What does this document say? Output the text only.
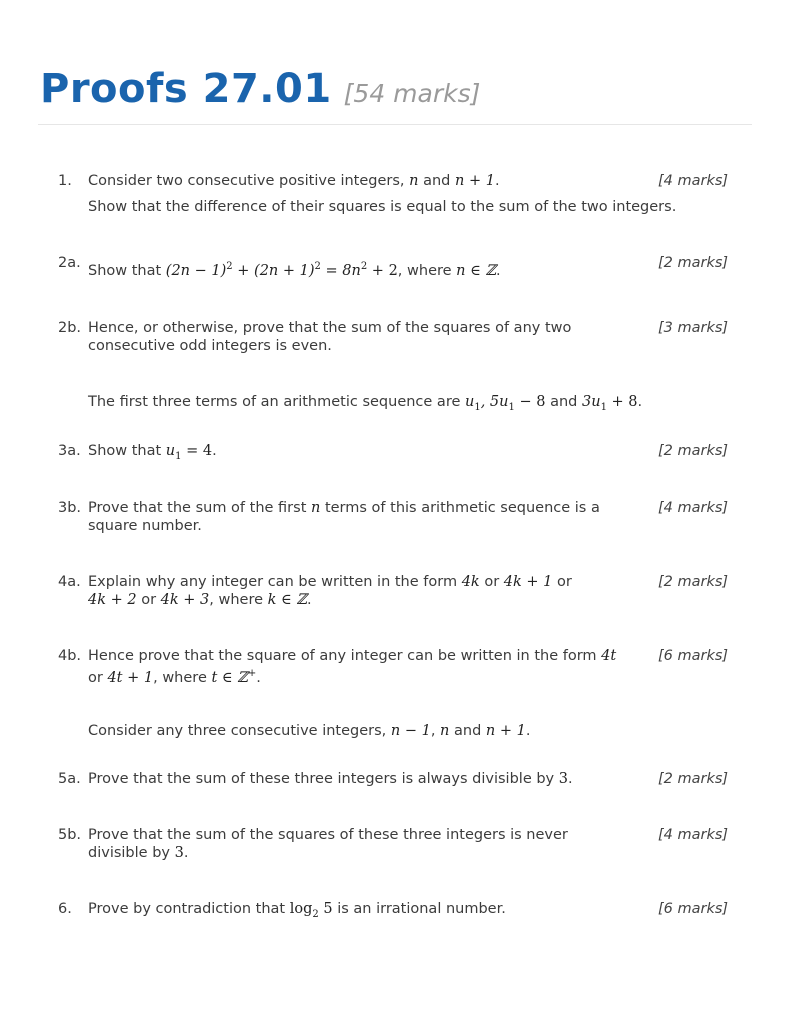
Proofs 27.01 [54 marks]
1. Consider two consecutive positive integers, n and n + 1.	[4 marks]
Show that the difference of their squares is equal to the sum of the two integers.
2a. Show that $(2n - 1)^2 + (2n + 1)^2 = 8n^2 + 2$, where n ∈ ℤ.	[2 marks]
2b. Hence, or otherwise, prove that the sum of the squares of any two	[3 marks]
consecutive odd integers is even.
The first three terms of an arithmetic sequence are $u_1$, $5u_1 - 8$ and $3u_1 + 8$.
3a. Show that $u_1 = 4$.	[2 marks]
3b. Prove that the sum of the first n terms of this arithmetic sequence is a	[4 marks]
square number.
4a. Explain why any integer can be written in the form 4k or 4k + 1 or	[2 marks]
4k + 2 or 4k + 3, where k ∈ ℤ.
4b. Hence prove that the square of any integer can be written in the form 4t	[6 marks]
or 4t + 1, where t ∈ ℤ+.
Consider any three consecutive integers, n − 1, n and n + 1.
5a. Prove that the sum of these three integers is always divisible by 3.	[2 marks]
5b. Prove that the sum of the squares of these three integers is never	[4 marks]
divisible by 3.
6. Prove by contradiction that $\log_2 5$ is an irrational number.	[6 marks]
